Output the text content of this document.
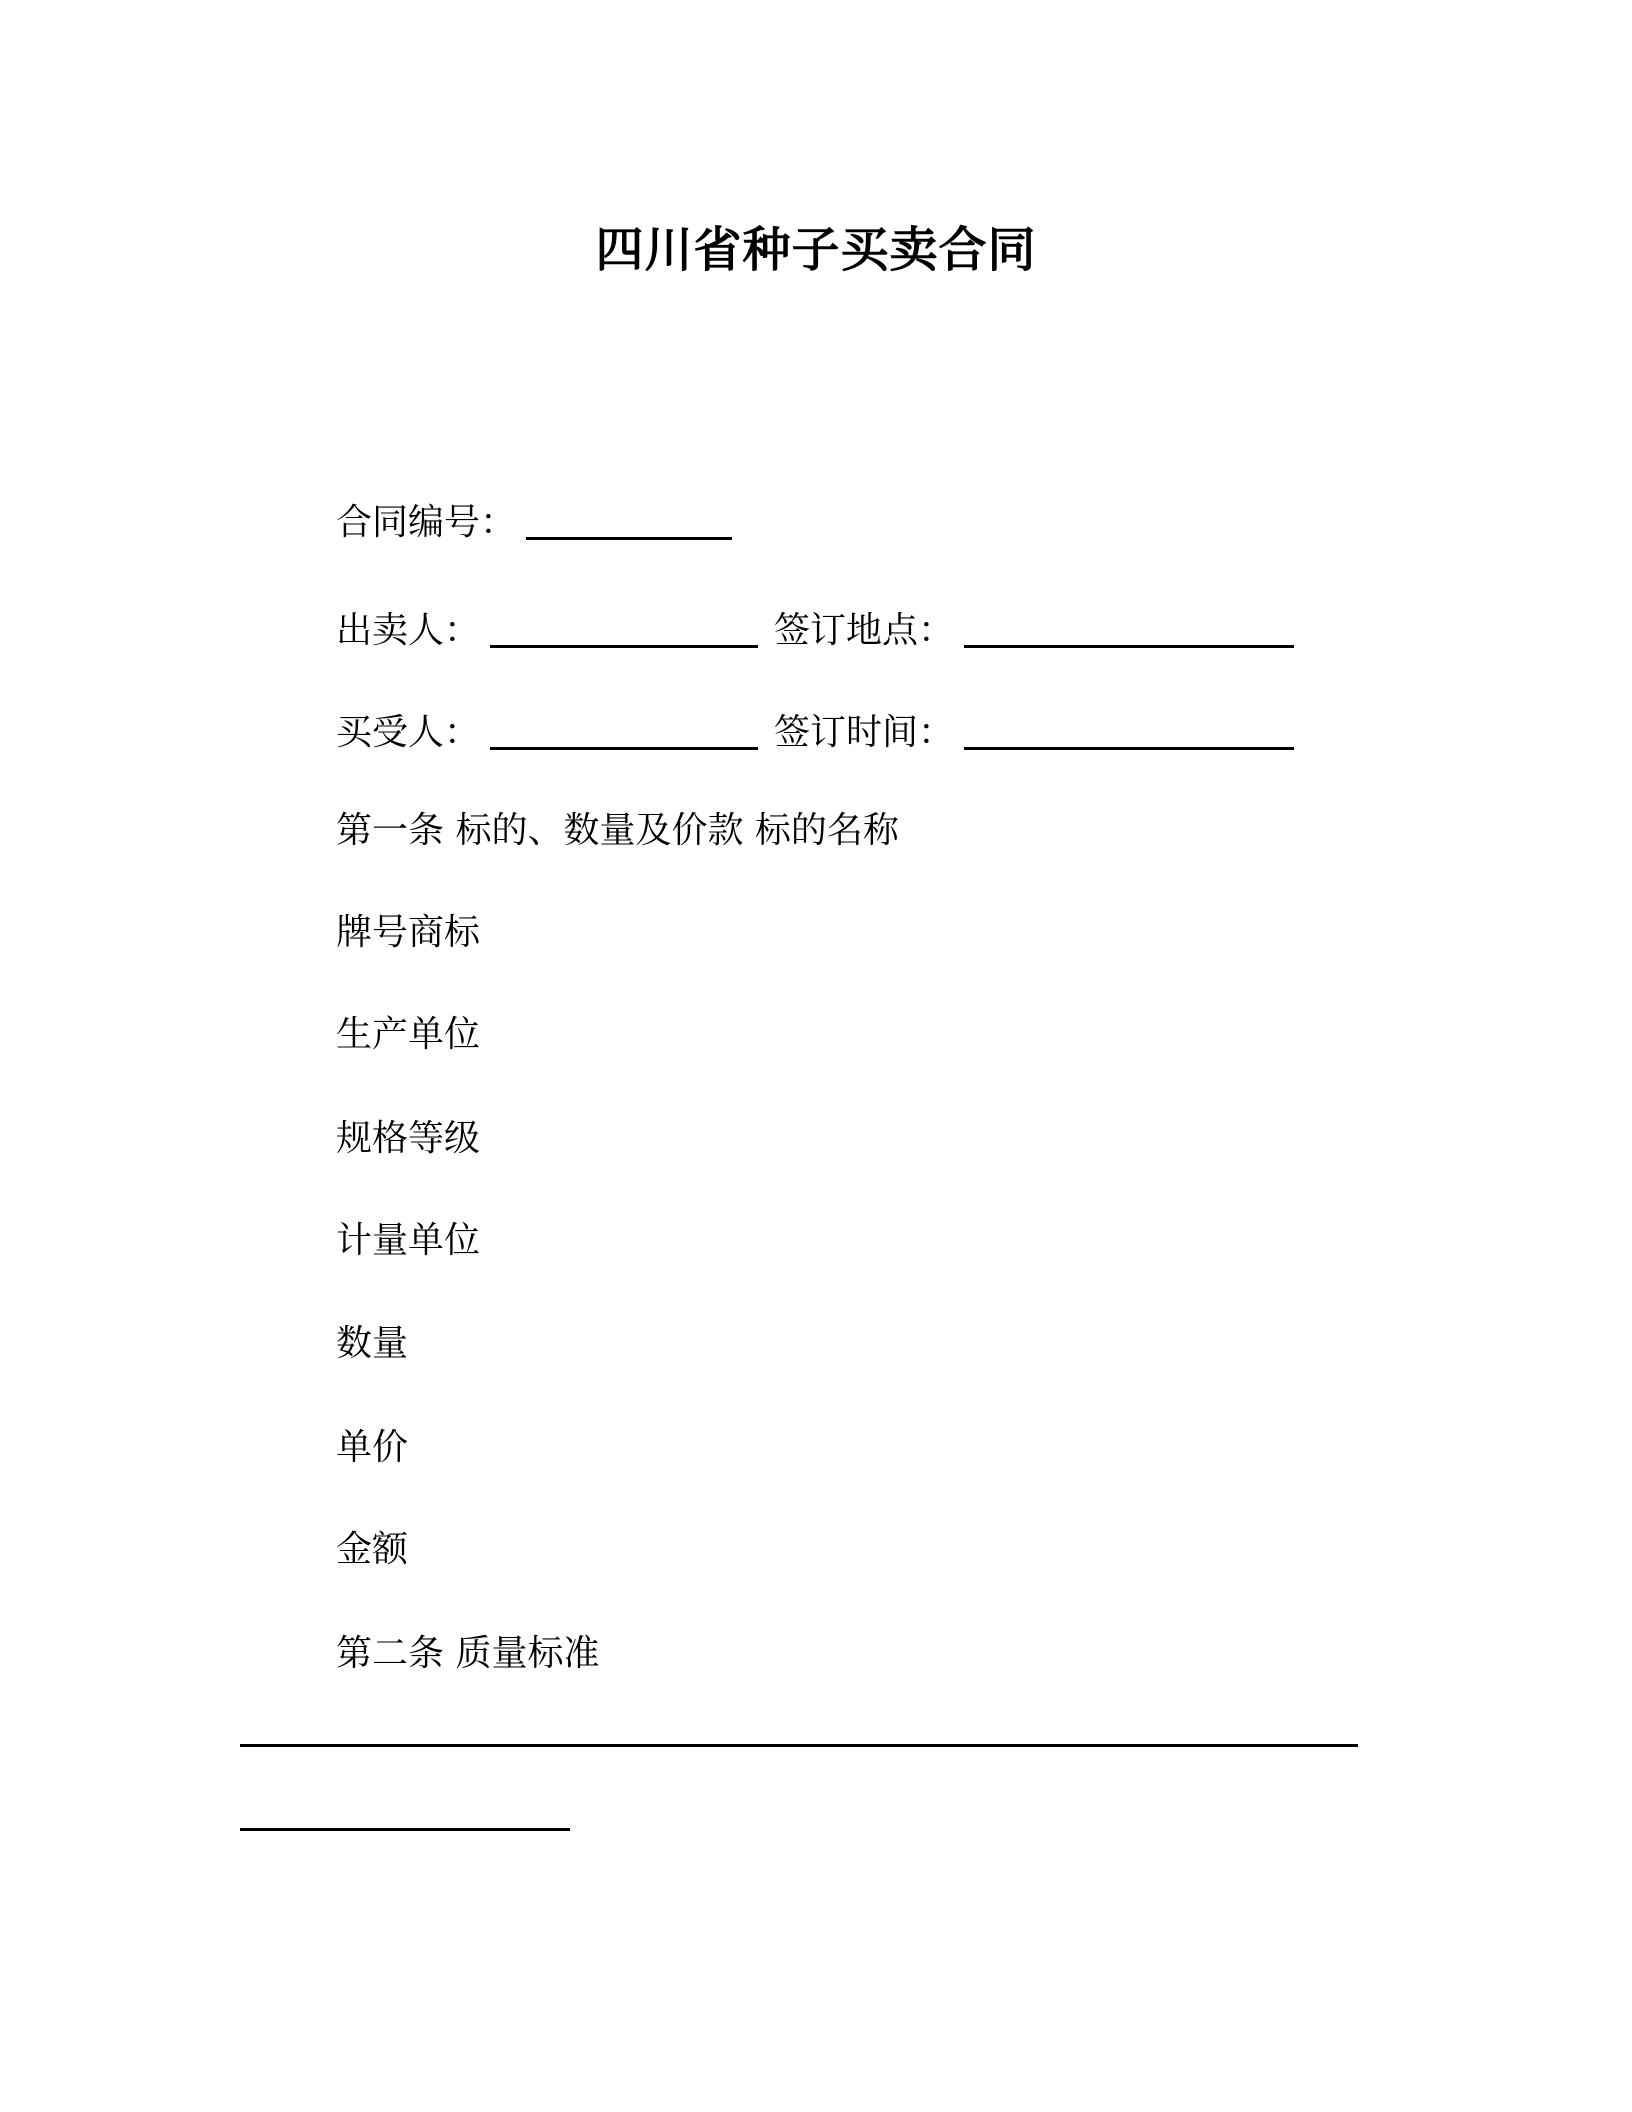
四川省种子买卖合同
合同编号：
出卖人：	签订地点：
买受人：	签订时间：
第一条 标的、数量及价款 标的名称
牌号商标
生产单位
规格等级
计量单位
数量
单价
金额
第二条 质量标准
